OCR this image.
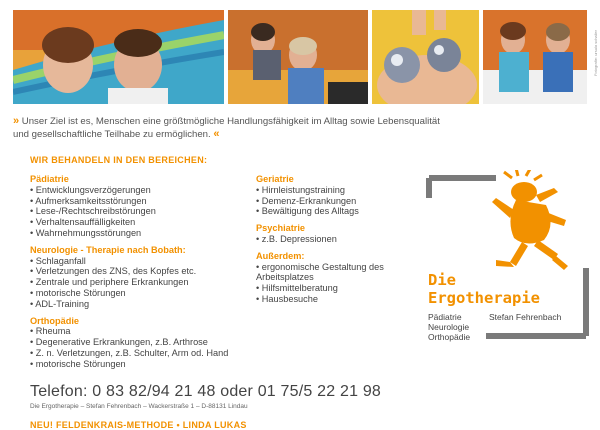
Fotografie: ursula schaller
» Unser Ziel ist es, Menschen eine größtmögliche Handlungsfähigkeit im Alltag sowie Lebensqualität und gesellschaftliche Teilhabe zu ermöglichen. «
WIR BEHANDELN IN DEN BEREICHEN:
Pädiatrie
• Entwicklungsverzögerungen
• Aufmerksamkeitsstörungen
• Lese-/Rechtschreibstörungen
• Verhaltensauffälligkeiten
• Wahrnehmungsstörungen
Neurologie - Therapie nach Bobath:
• Schlaganfall
• Verletzungen des ZNS, des Kopfes etc.
• Zentrale und periphere Erkrankungen
• motorische Störungen
• ADL-Training
Orthopädie
• Rheuma
• Degenerative Erkrankungen, z.B. Arthrose
• Z. n. Verletzungen, z.B. Schulter, Arm od. Hand
• motorische Störungen
Geriatrie
• Hirnleistungstraining
• Demenz-Erkrankungen
• Bewältigung des Alltags
Psychiatrie
• z.B. Depressionen
Außerdem:
• ergonomische Gestaltung des Arbeitsplatzes
• Hilfsmittelberatung
• Hausbesuche
Die
Ergotherapie
Pädiatrie
Neurologie
Orthopädie
Stefan Fehrenbach
Telefon: 0 83 82/94 21 48 oder 01 75/5 22 21 98
Die Ergotherapie – Stefan Fehrenbach – Wackerstraße 1 – D-88131 Lindau
NEU! FELDENKRAIS-METHODE • LINDA LUKAS
